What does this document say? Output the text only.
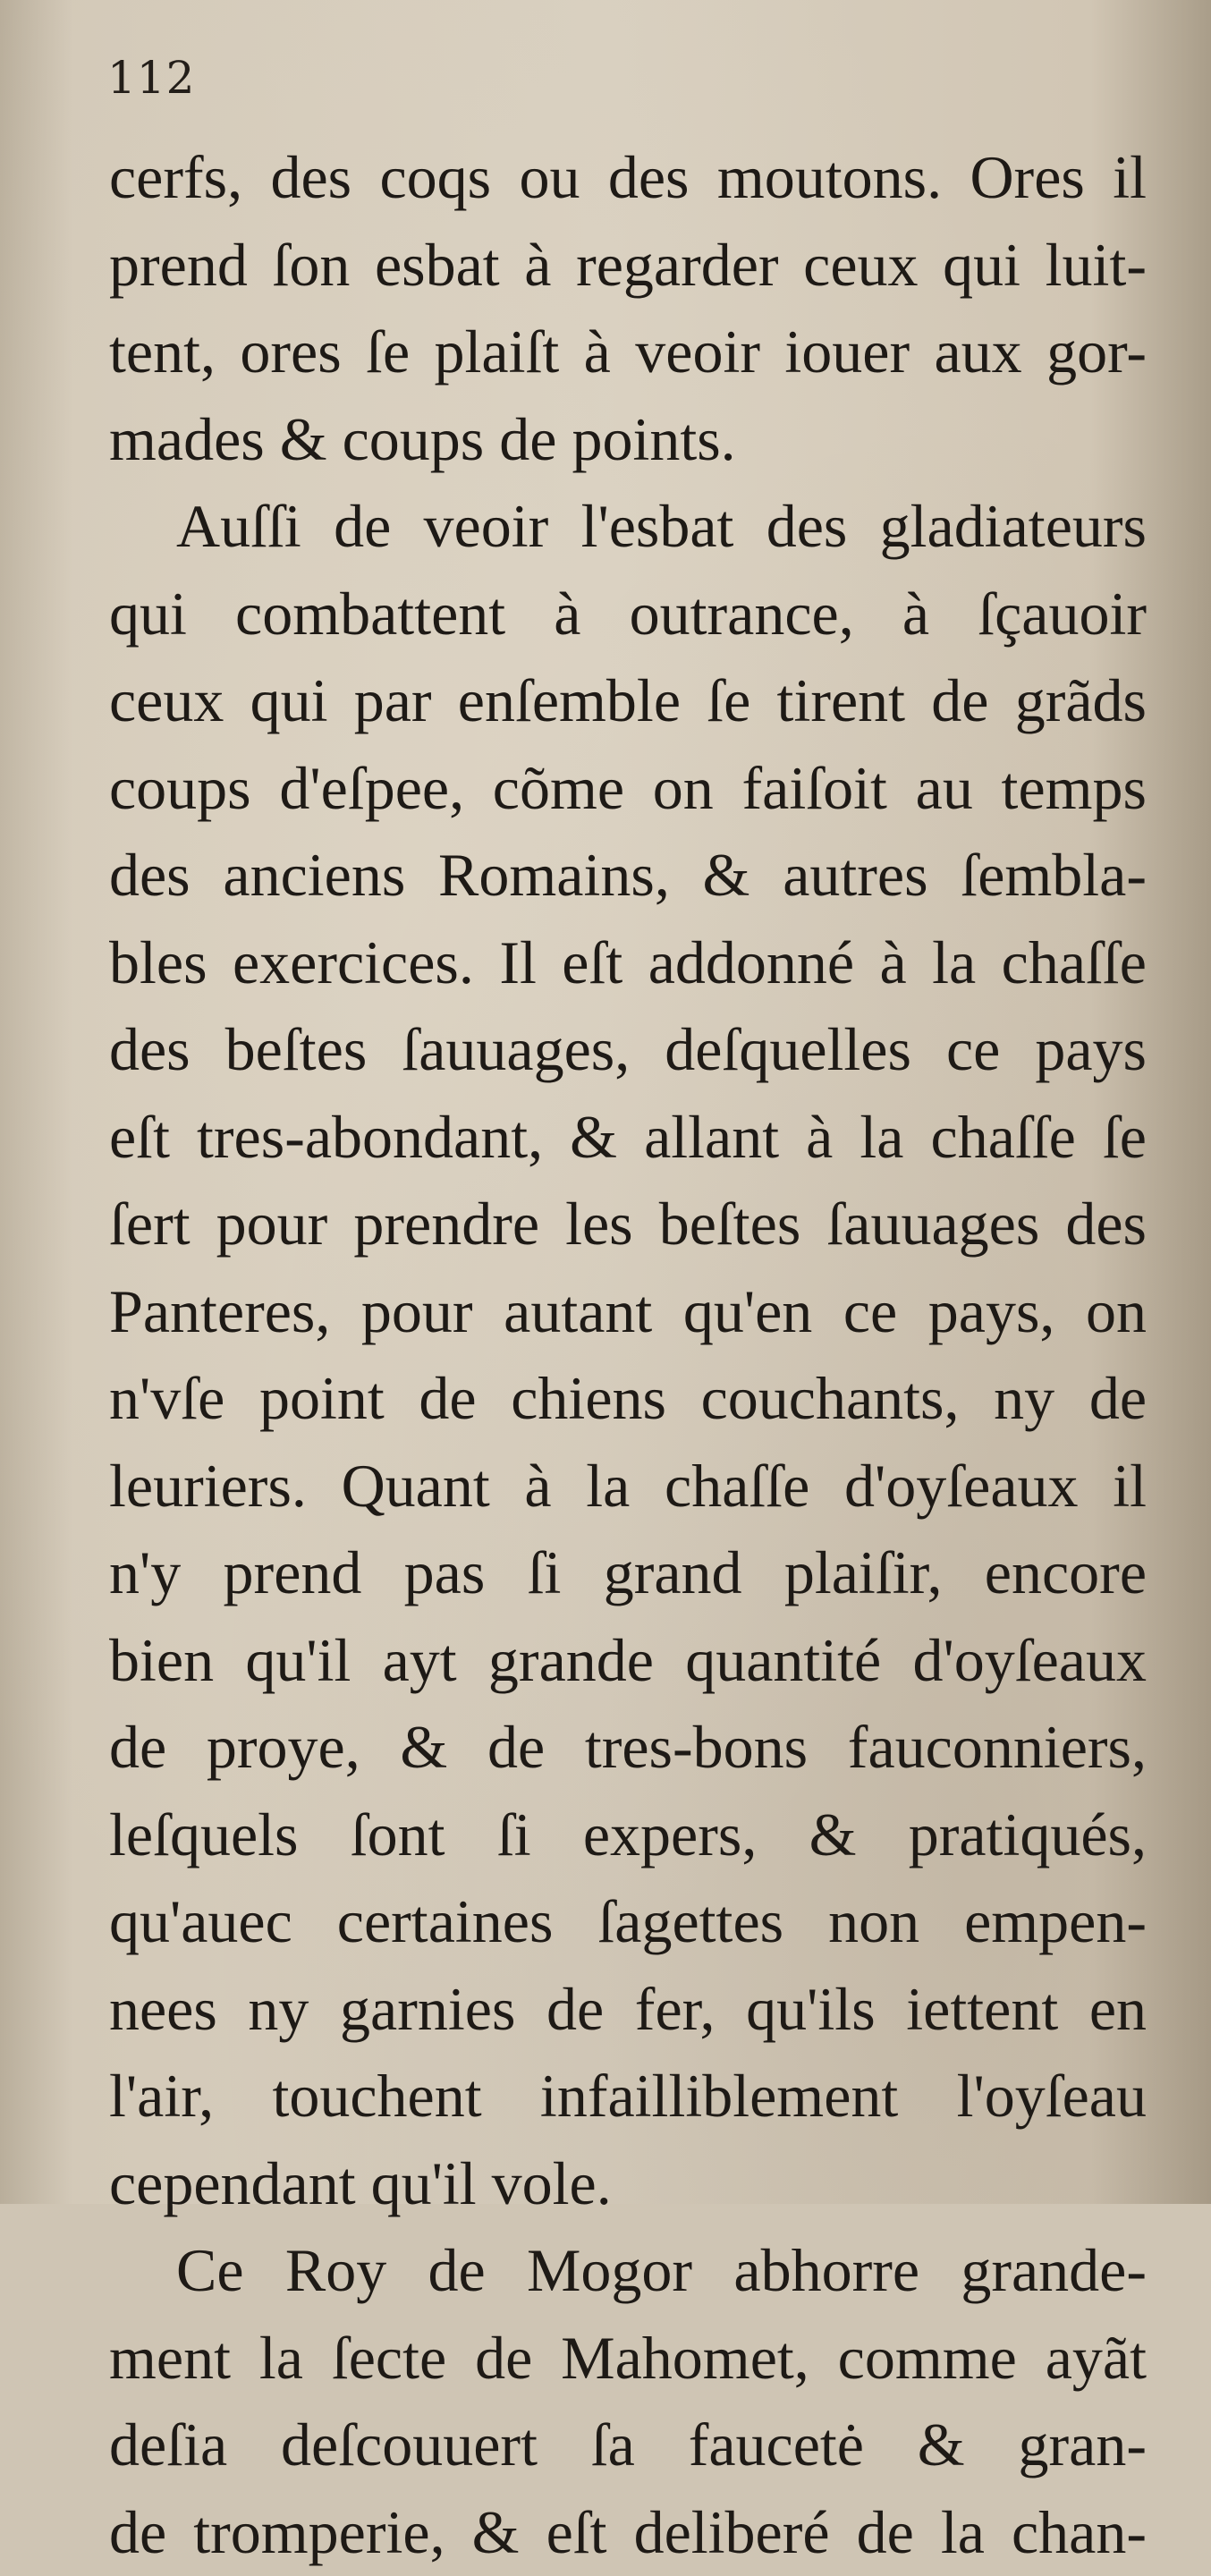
112

cerfs, des coqs ou des moutons. Ores il
prend ſon esbat à regarder ceux qui luit-
tent, ores ſe plaiſt à veoir iouer aux gor-
mades & coups de points.
Auſſi de veoir l'esbat des gladiateurs
qui combattent à outrance, à ſçauoir
ceux qui par enſemble ſe tirent de grãds
coups d'eſpee, cõme on faiſoit au temps
des anciens Romains, & autres ſembla-
bles exercices. Il eſt addonné à la chaſſe
des beſtes ſauuages, deſquelles ce pays
eſt tres-abondant, & allant à la chaſſe ſe
ſert pour prendre les beſtes ſauuages des
Panteres, pour autant qu'en ce pays, on
n'vſe point de chiens couchants, ny de
leuriers. Quant à la chaſſe d'oyſeaux il
n'y prend pas ſi grand plaiſir, encore
bien qu'il ayt grande quantité d'oyſeaux
de proye, & de tres-bons fauconniers,
leſquels ſont ſi expers, & pratiqués,
qu'auec certaines ſagettes non empen-
nees ny garnies de fer, qu'ils iettent en
l'air, touchent infailliblement l'oyſeau
cependant qu'il vole.
Ce Roy de Mogor abhorre grande-
ment la ſecte de Mahomet, comme ayãt
deſia deſcouuert ſa faucetė & gran-
de tromperie, & eſt deliberé de la chan-
